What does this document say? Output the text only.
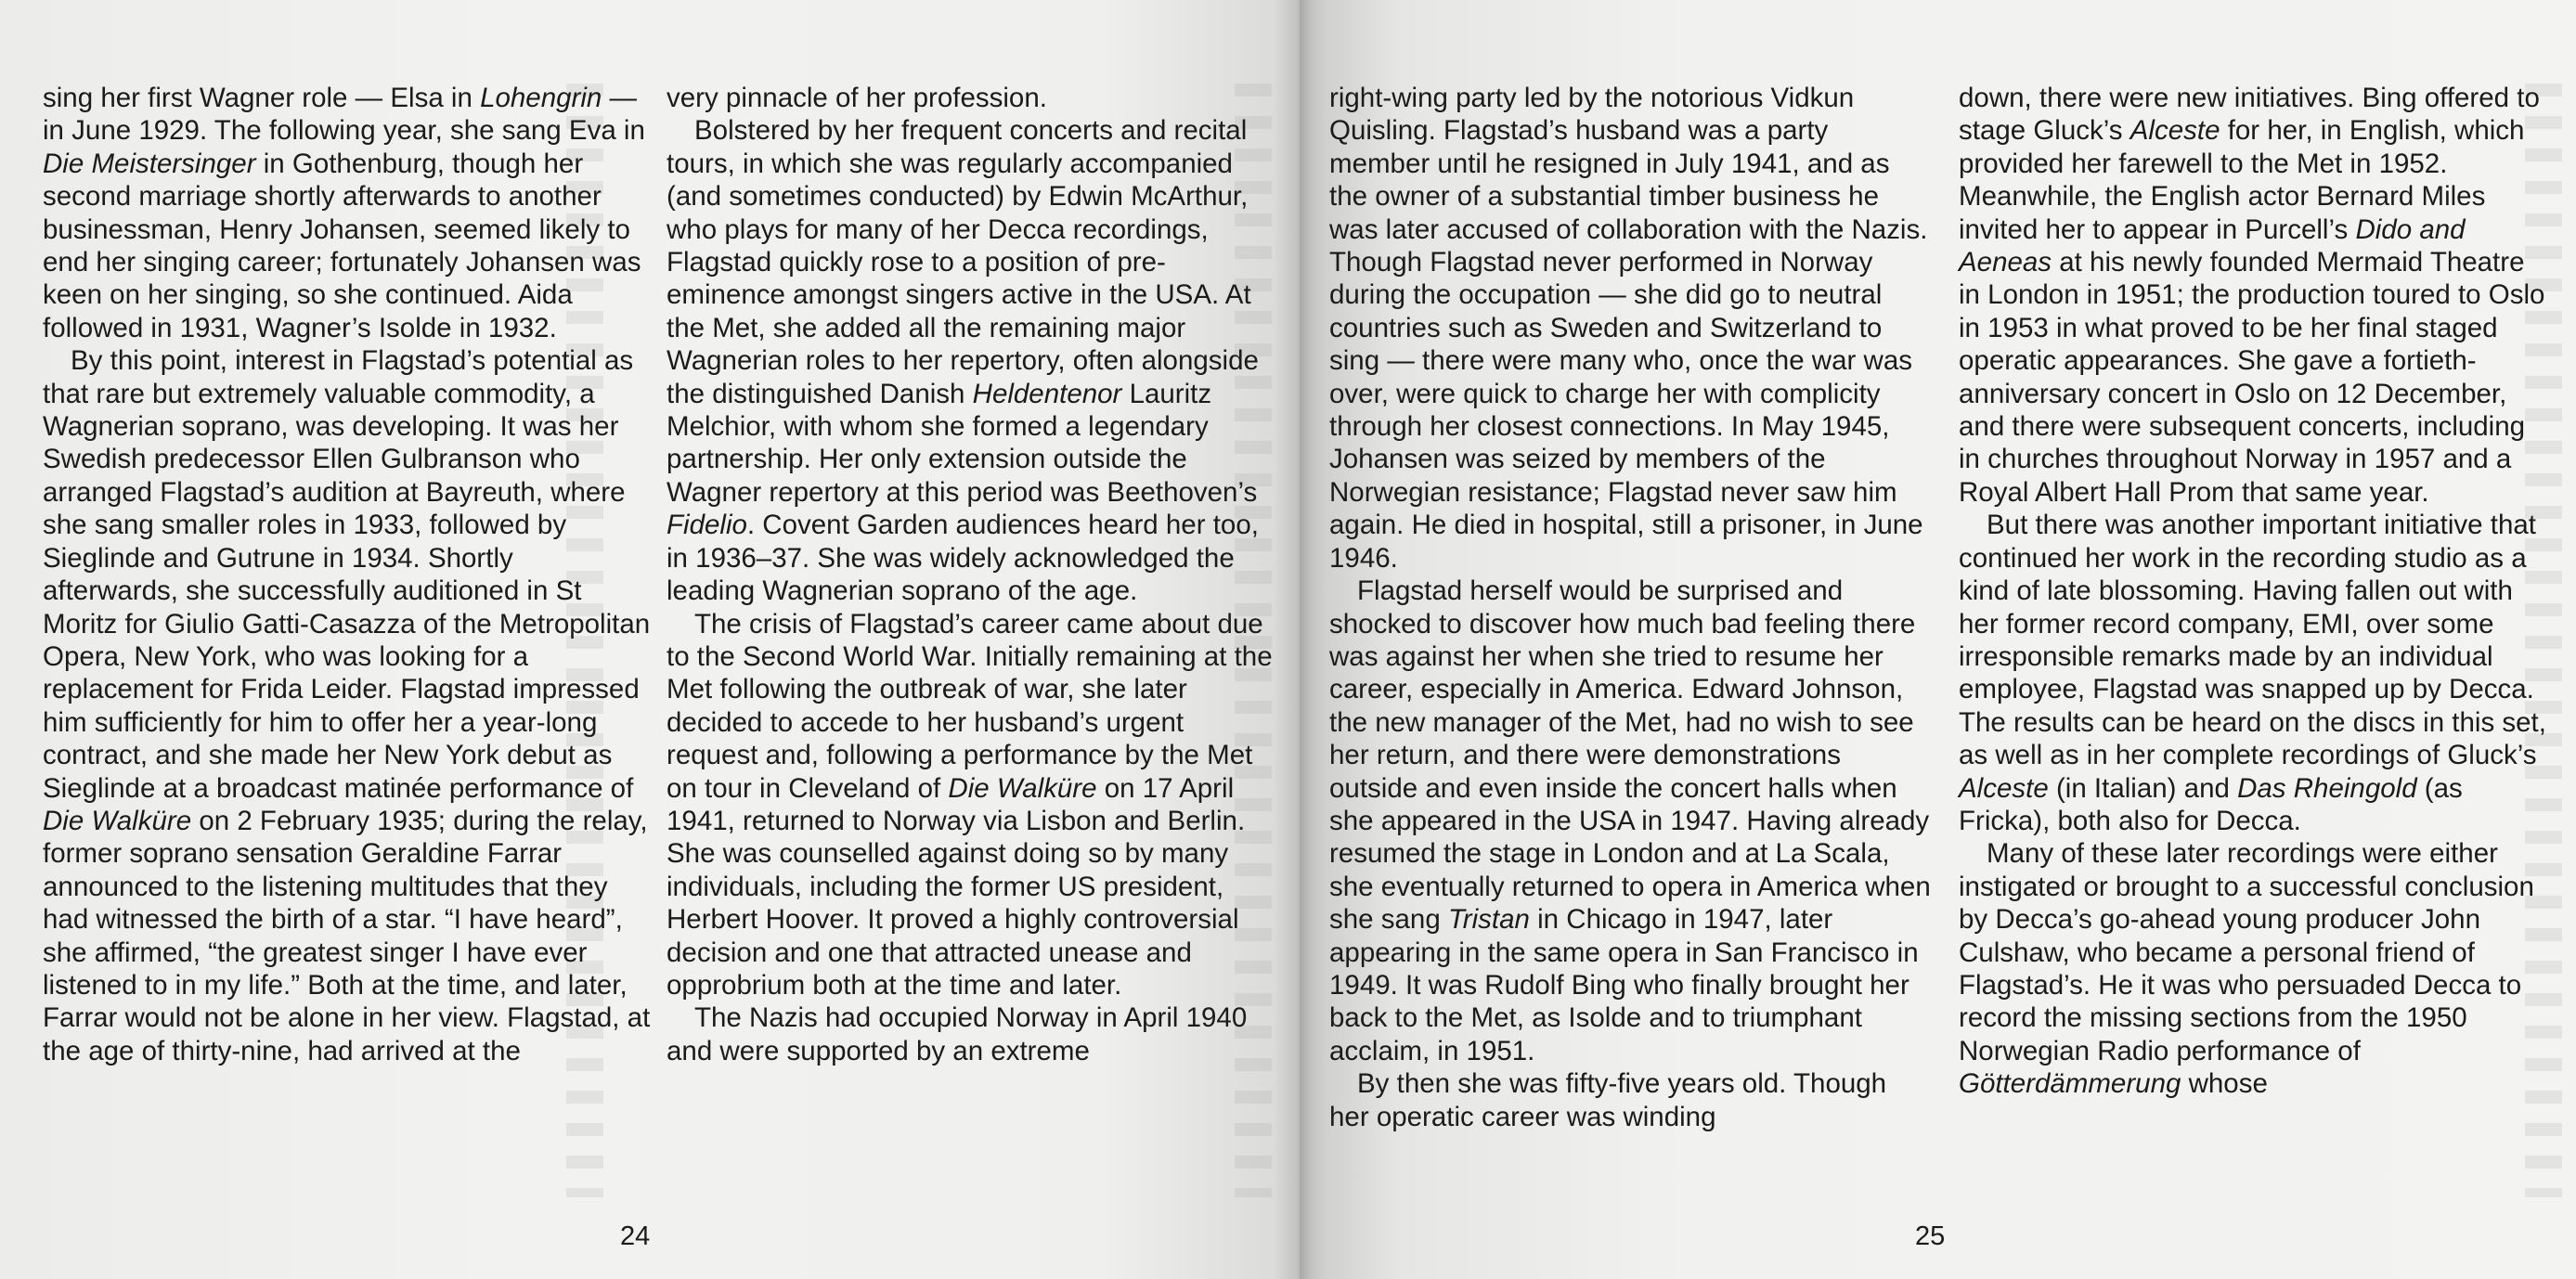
sing her first Wagner role — Elsa in Lohengrin — in June 1929. The following year, she sang Eva in Die Meistersinger in Gothenburg, though her second marriage shortly afterwards to another businessman, Henry Johansen, seemed likely to end her singing career; fortunately Johansen was keen on her singing, so she continued. Aida followed in 1931, Wagner’s Isolde in 1932.

By this point, interest in Flagstad’s potential as that rare but extremely valuable commodity, a Wagnerian soprano, was developing. It was her Swedish predecessor Ellen Gulbranson who arranged Flagstad’s audition at Bayreuth, where she sang smaller roles in 1933, followed by Sieglinde and Gutrune in 1934. Shortly afterwards, she successfully auditioned in St Moritz for Giulio Gatti-Casazza of the Metropolitan Opera, New York, who was looking for a replacement for Frida Leider. Flagstad impressed him sufficiently for him to offer her a year-long contract, and she made her New York debut as Sieglinde at a broadcast matinée performance of Die Walküre on 2 February 1935; during the relay, former soprano sensation Geraldine Farrar announced to the listening multitudes that they had witnessed the birth of a star. “I have heard”, she affirmed, “the greatest singer I have ever listened to in my life.” Both at the time, and later, Farrar would not be alone in her view. Flagstad, at the age of thirty-nine, had arrived at the

very pinnacle of her profession.

Bolstered by her frequent concerts and recital tours, in which she was regularly accompanied (and sometimes conducted) by Edwin McArthur, who plays for many of her Decca recordings, Flagstad quickly rose to a position of pre-eminence amongst singers active in the USA. At the Met, she added all the remaining major Wagnerian roles to her repertory, often alongside the distinguished Danish Heldentenor Lauritz Melchior, with whom she formed a legendary partnership. Her only extension outside the Wagner repertory at this period was Beethoven’s Fidelio. Covent Garden audiences heard her too, in 1936–37. She was widely acknowledged the leading Wagnerian soprano of the age.

The crisis of Flagstad’s career came about due to the Second World War. Initially remaining at the Met following the outbreak of war, she later decided to accede to her husband’s urgent request and, following a performance by the Met on tour in Cleveland of Die Walküre on 17 April 1941, returned to Norway via Lisbon and Berlin. She was counselled against doing so by many individuals, including the former US president, Herbert Hoover. It proved a highly controversial decision and one that attracted unease and opprobrium both at the time and later.

The Nazis had occupied Norway in April 1940 and were supported by an extreme

24

right-wing party led by the notorious Vidkun Quisling. Flagstad’s husband was a party member until he resigned in July 1941, and as the owner of a substantial timber business he was later accused of collaboration with the Nazis. Though Flagstad never performed in Norway during the occupation — she did go to neutral countries such as Sweden and Switzerland to sing — there were many who, once the war was over, were quick to charge her with complicity through her closest connections. In May 1945, Johansen was seized by members of the Norwegian resistance; Flagstad never saw him again. He died in hospital, still a prisoner, in June 1946.

Flagstad herself would be surprised and shocked to discover how much bad feeling there was against her when she tried to resume her career, especially in America. Edward Johnson, the new manager of the Met, had no wish to see her return, and there were demonstrations outside and even inside the concert halls when she appeared in the USA in 1947. Having already resumed the stage in London and at La Scala, she eventually returned to opera in America when she sang Tristan in Chicago in 1947, later appearing in the same opera in San Francisco in 1949. It was Rudolf Bing who finally brought her back to the Met, as Isolde and to triumphant acclaim, in 1951.

By then she was fifty-five years old. Though her operatic career was winding

down, there were new initiatives. Bing offered to stage Gluck’s Alceste for her, in English, which provided her farewell to the Met in 1952. Meanwhile, the English actor Bernard Miles invited her to appear in Purcell’s Dido and Aeneas at his newly founded Mermaid Theatre in London in 1951; the production toured to Oslo in 1953 in what proved to be her final staged operatic appearances. She gave a fortieth-anniversary concert in Oslo on 12 December, and there were subsequent concerts, including in churches throughout Norway in 1957 and a Royal Albert Hall Prom that same year.

But there was another important initiative that continued her work in the recording studio as a kind of late blossoming. Having fallen out with her former record company, EMI, over some irresponsible remarks made by an individual employee, Flagstad was snapped up by Decca. The results can be heard on the discs in this set, as well as in her complete recordings of Gluck’s Alceste (in Italian) and Das Rheingold (as Fricka), both also for Decca.

Many of these later recordings were either instigated or brought to a successful conclusion by Decca’s go-ahead young producer John Culshaw, who became a personal friend of Flagstad’s. He it was who persuaded Decca to record the missing sections from the 1950 Norwegian Radio performance of Götterdämmerung whose

25
